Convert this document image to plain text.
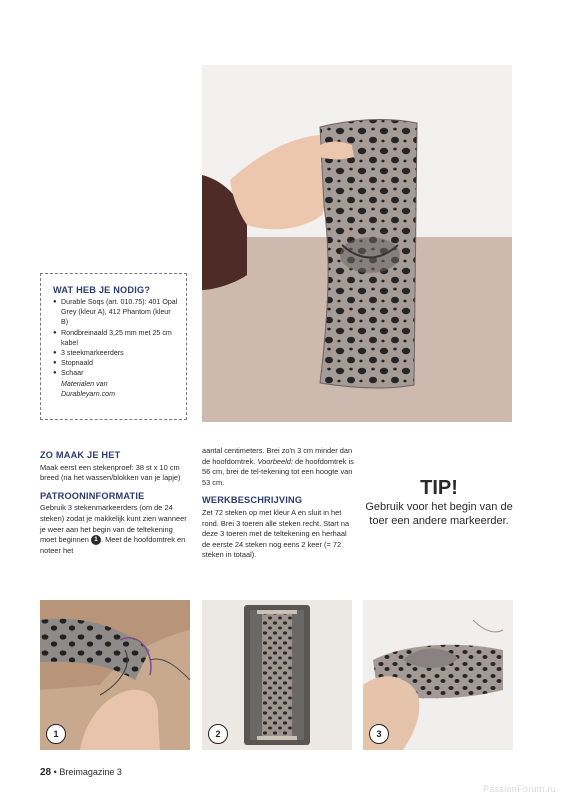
WAT HEB JE NODIG?
● Durable Soqs (art. 010.75): 401 Opal Grey (kleur A), 412 Phantom (kleur B)
● Rondbreinaald 3,25 mm met 25 cm kabel
● 3 steekmarkeerders
● Stopnaald
● Schaar
Materialen van
Durableyarn.com
ZO MAAK JE HET

Maak eerst een stekenproef: 38 st x 10 cm breed (na het wassen/blokken van je lapje)

PATROONINFORMATIE

Gebruik 3 stekenmarkeerders (om de 24 steken) zodat je makkelijk kunt zien wanneer je weer aan het begin van de teltekening moet beginnen 1 . Meet de hoofdomtrek en noteer het

aantal centimeters. Brei zo'n 3 cm minder dan de hoofdomtrek. Voorbeeld: de hoofdomtrek is 56 cm, brei de tel-tekening tot een hoogte van 53 cm.

WERKBESCHRIJVING

Zet 72 steken op met kleur A en sluit in het rond. Brei 3 toeren alle steken recht. Start na deze 3 toeren met de teltekening en herhaal de eerste 24 steken nog eens 2 keer (= 72 steken in totaal).

TIP!
Gebruik voor het begin van de toer een andere markeerder.
1	2	3
28 • Breimagazine 3
PassionForum.ru
